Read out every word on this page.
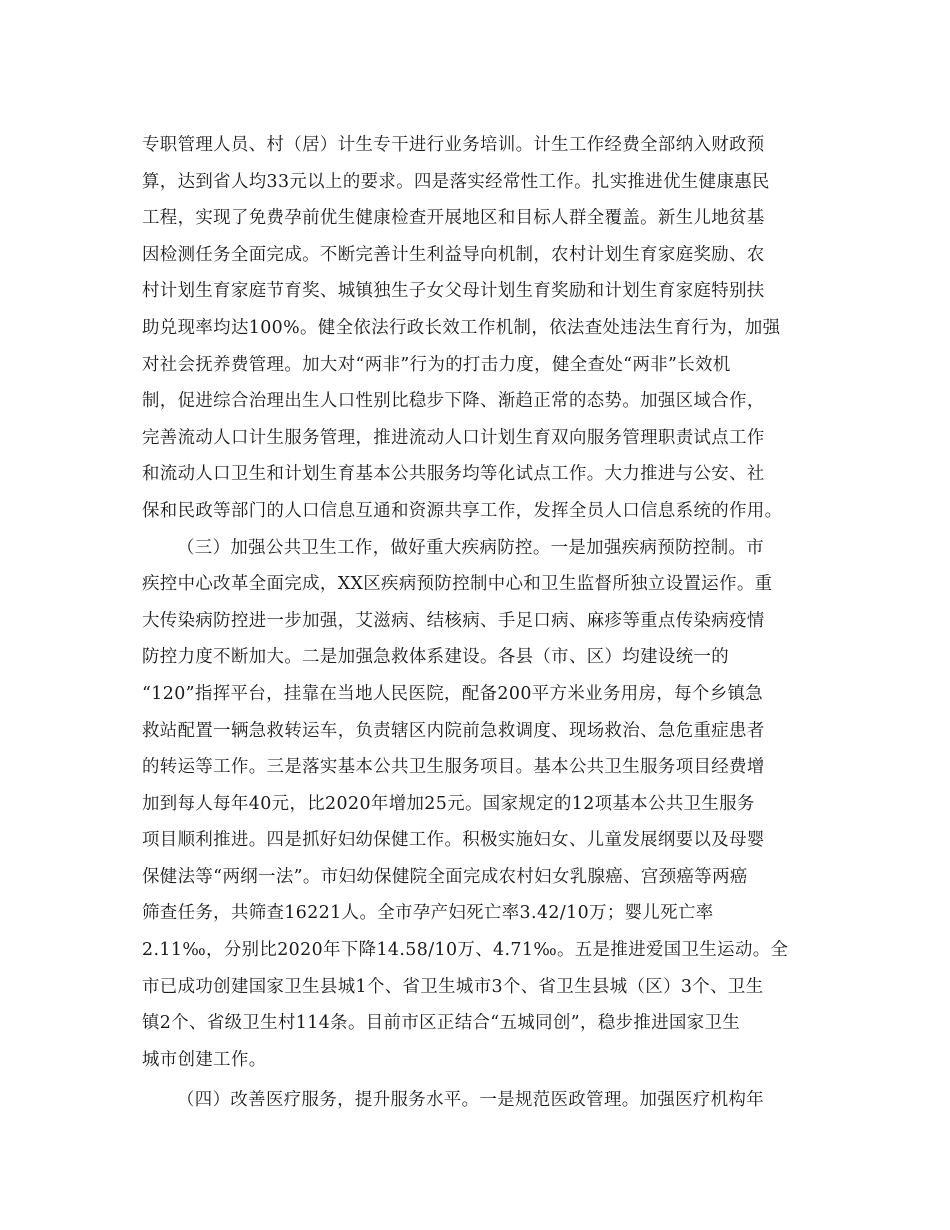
专职管理人员、村（居）计生专干进行业务培训。计生工作经费全部纳入财政预
算，达到省人均33元以上的要求。四是落实经常性工作。扎实推进优生健康惠民
工程，实现了免费孕前优生健康检查开展地区和目标人群全覆盖。新生儿地贫基
因检测任务全面完成。不断完善计生利益导向机制，农村计划生育家庭奖励、农
村计划生育家庭节育奖、城镇独生子女父母计划生育奖励和计划生育家庭特别扶
助兑现率均达100%。健全依法行政长效工作机制，依法查处违法生育行为，加强
对社会抚养费管理。加大对“两非”行为的打击力度，健全查处“两非”长效机
制，促进综合治理出生人口性别比稳步下降、渐趋正常的态势。加强区域合作，
完善流动人口计生服务管理，推进流动人口计划生育双向服务管理职责试点工作
和流动人口卫生和计划生育基本公共服务均等化试点工作。大力推进与公安、社
保和民政等部门的人口信息互通和资源共享工作，发挥全员人口信息系统的作用。
（三）加强公共卫生工作，做好重大疾病防控。一是加强疾病预防控制。市
疾控中心改革全面完成，XX区疾病预防控制中心和卫生监督所独立设置运作。重
大传染病防控进一步加强，艾滋病、结核病、手足口病、麻疹等重点传染病疫情
防控力度不断加大。二是加强急救体系建设。各县（市、区）均建设统一的
“120”指挥平台，挂靠在当地人民医院，配备200平方米业务用房，每个乡镇急
救站配置一辆急救转运车，负责辖区内院前急救调度、现场救治、急危重症患者
的转运等工作。三是落实基本公共卫生服务项目。基本公共卫生服务项目经费增
加到每人每年40元，比2020年增加25元。国家规定的12项基本公共卫生服务
项目顺利推进。四是抓好妇幼保健工作。积极实施妇女、儿童发展纲要以及母婴
保健法等“两纲一法”。市妇幼保健院全面完成农村妇女乳腺癌、宫颈癌等两癌
筛查任务，共筛查16221人。全市孕产妇死亡率3.42/10万；婴儿死亡率
2.11‰，分别比2020年下降14.58/10万、4.71‰。五是推进爱国卫生运动。全
市已成功创建国家卫生县城1个、省卫生城市3个、省卫生县城（区）3个、卫生
镇2个、省级卫生村114条。目前市区正结合“五城同创”，稳步推进国家卫生
城市创建工作。
（四）改善医疗服务，提升服务水平。一是规范医政管理。加强医疗机构年
